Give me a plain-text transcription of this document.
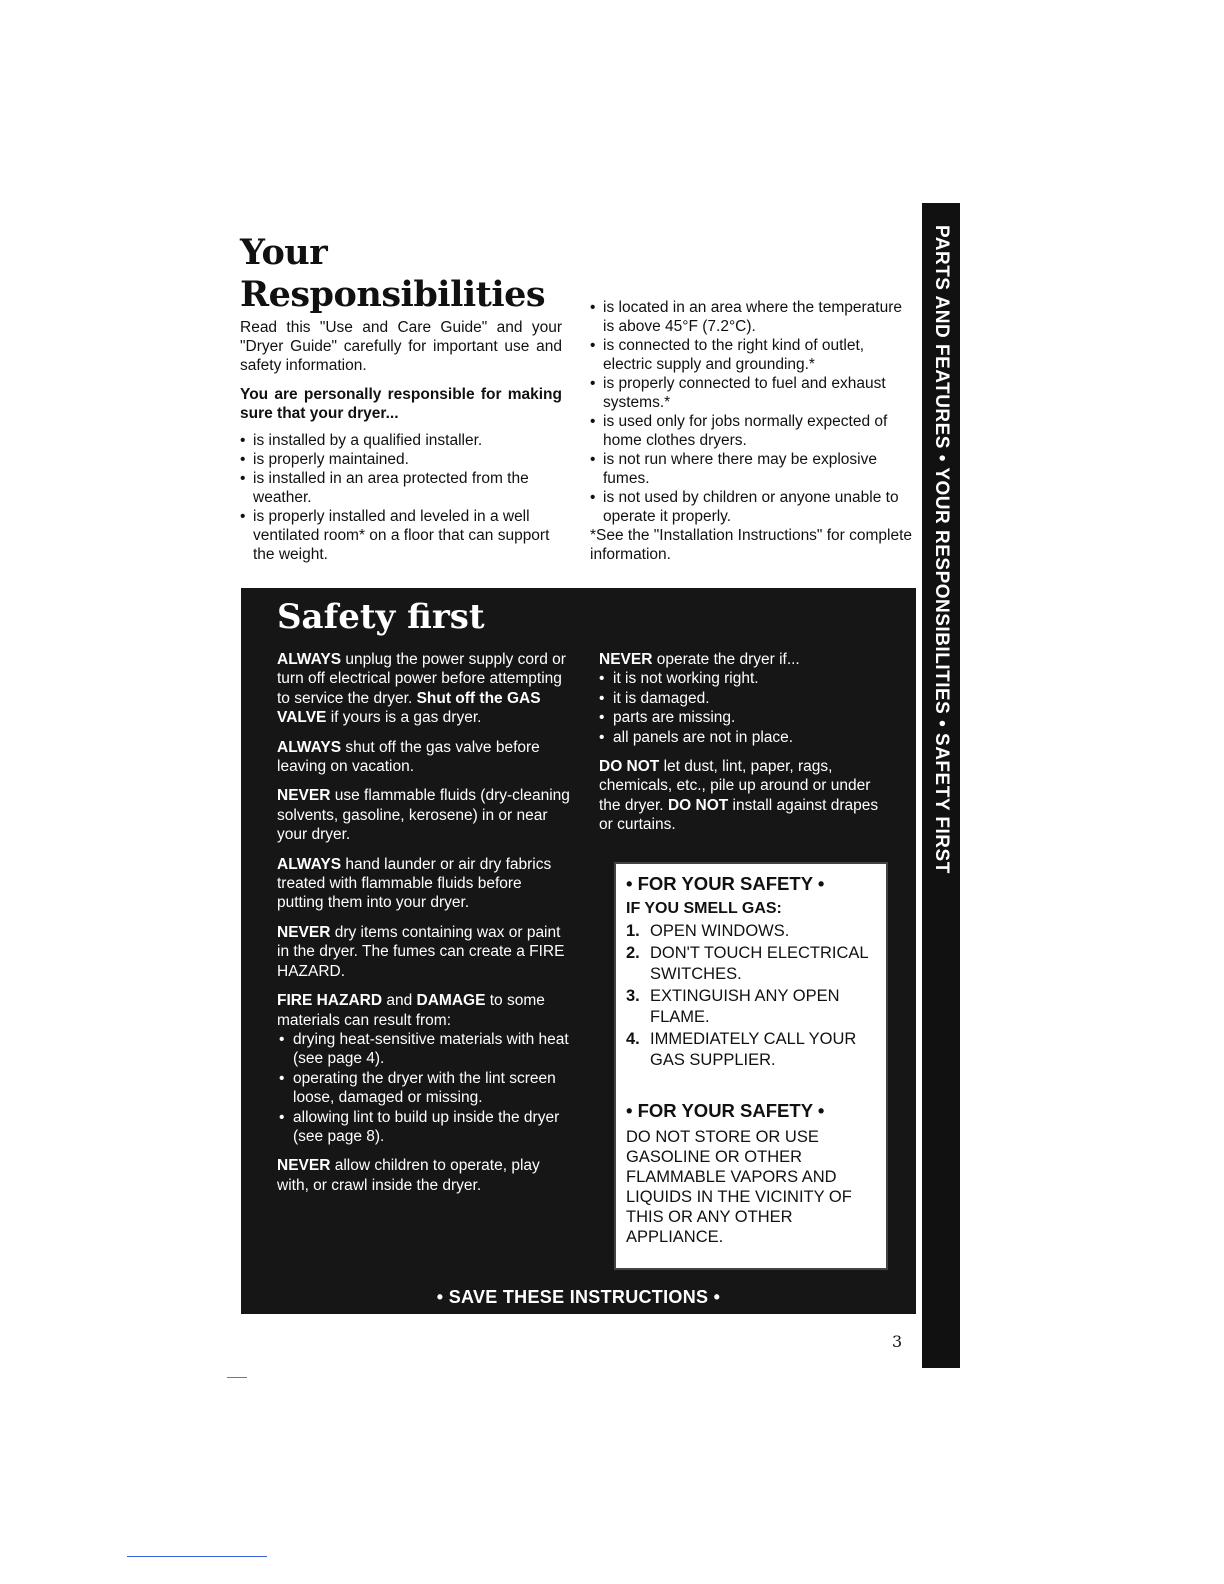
Your
Responsibilities

Read this "Use and Care Guide" and your "Dryer Guide" carefully for important use and safety information.

You are personally responsible for making sure that your dryer...

• is installed by a qualified installer.
• is properly maintained.
• is installed in an area protected from the weather.
• is properly installed and leveled in a well ventilated room* on a floor that can support the weight.
• is located in an area where the temperature is above 45°F (7.2°C).
• is connected to the right kind of outlet, electric supply and grounding.*
• is properly connected to fuel and exhaust systems.*
• is used only for jobs normally expected of home clothes dryers.
• is not run where there may be explosive fumes.
• is not used by children or anyone unable to operate it properly.
*See the "Installation Instructions" for complete information.	PARTS AND FEATURES • YOUR RESPONSIBILITIES • SAFETY FIRST
Safety first

ALWAYS unplug the power supply cord or turn off electrical power before attempting to service the dryer. Shut off the GAS VALVE if yours is a gas dryer.

ALWAYS shut off the gas valve before leaving on vacation.

NEVER use flammable fluids (dry-cleaning solvents, gasoline, kerosene) in or near your dryer.

ALWAYS hand launder or air dry fabrics treated with flammable fluids before putting them into your dryer.

NEVER dry items containing wax or paint in the dryer. The fumes can create a FIRE HAZARD.

FIRE HAZARD and DAMAGE to some materials can result from:

• drying heat-sensitive materials with heat (see page 4).
• operating the dryer with the lint screen loose, damaged or missing.
• allowing lint to build up inside the dryer (see page 8).

NEVER allow children to operate, play with, or crawl inside the dryer.

NEVER operate the dryer if...

• it is not working right.
• it is damaged.
• parts are missing.
• all panels are not in place.

DO NOT let dust, lint, paper, rags, chemicals, etc., pile up around or under the dryer. DO NOT install against drapes or curtains.

• FOR YOUR SAFETY •
IF YOU SMELL GAS:
1. OPEN WINDOWS.
2. DON'T TOUCH ELECTRICAL SWITCHES.
3. EXTINGUISH ANY OPEN FLAME.
4. IMMEDIATELY CALL YOUR GAS SUPPLIER.
• FOR YOUR SAFETY •
DO NOT STORE OR USE GASOLINE OR OTHER FLAMMABLE VAPORS AND LIQUIDS IN THE VICINITY OF THIS OR ANY OTHER APPLIANCE.
• SAVE THESE INSTRUCTIONS •
3
